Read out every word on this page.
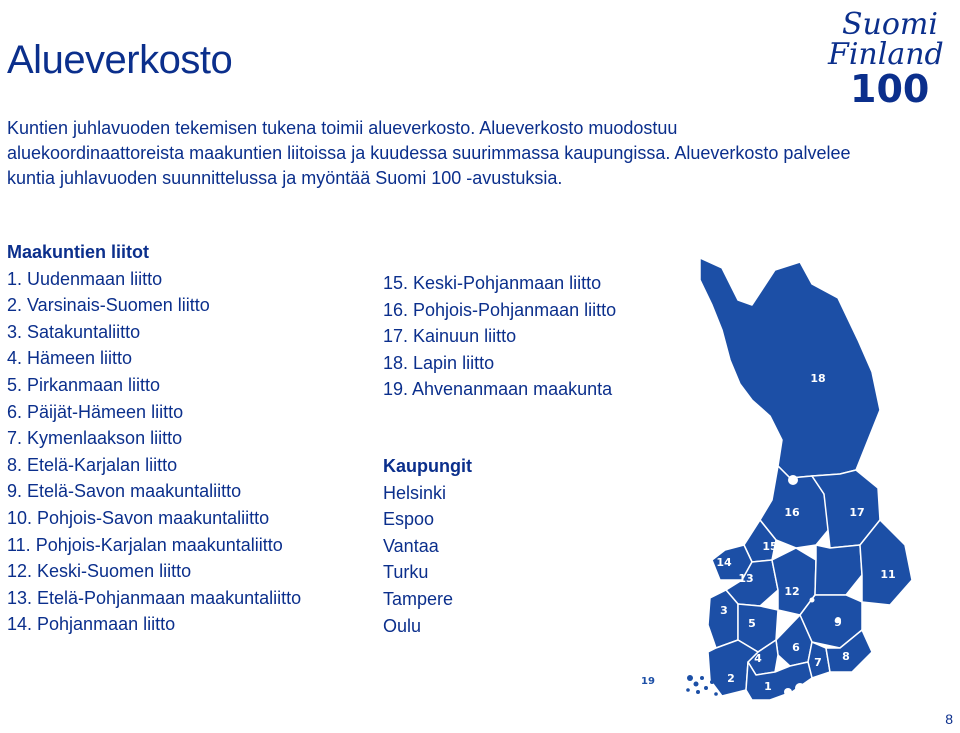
Alueverkosto
Suomi
Finland
100

Kuntien juhlavuoden tekemisen tukena toimii alueverkosto. Alueverkosto muodostuu

aluekoordinaattoreista maakuntien liitoissa ja kuudessa suurimmassa kaupungissa. Alueverkosto palvelee

kuntia juhlavuoden suunnittelussa ja myöntää Suomi 100 -avustuksia.

Maakuntien liitot
1. Uudenmaan liitto
2. Varsinais-Suomen liitto
3. Satakuntaliitto
4. Hämeen liitto
5. Pirkanmaan liitto
6. Päijät-Hämeen liitto
7. Kymenlaakson liitto
8. Etelä-Karjalan liitto
9. Etelä-Savon maakuntaliitto
10. Pohjois-Savon maakuntaliitto
11. Pohjois-Karjalan maakuntaliitto
12. Keski-Suomen liitto
13. Etelä-Pohjanmaan maakuntaliitto
14. Pohjanmaan liitto
15. Keski-Pohjanmaan liitto
16. Pohjois-Pohjanmaan liitto
17. Kainuun liitto
18. Lapin liitto
19. Ahvenanmaan maakunta
Kaupungit
Helsinki
Espoo
Vantaa
Turku
Tampere
Oulu
18
16	17
15
14
13
12
11
3
5
4
6
9
7 8
2
1
19
8
